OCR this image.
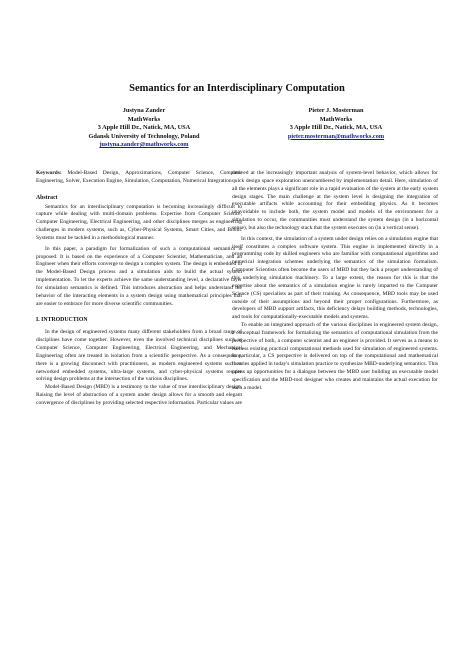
Semantics for an Interdisciplinary Computation
Justyna Zander
MathWorks
3 Apple Hill Dr., Natick, MA, USA
Gdansk University of Technology, Poland
justyna.zander@mathworks.com
Pieter J. Mosterman
MathWorks
3 Apple Hill Dr., Natick, MA, USA
pieter.mosterman@mathworks.com

Keywords: Model-Based Design, Approximations, Computer Science, Computer Engineering, Solver, Execution Engine, Simulation, Computation, Numerical Integration

Abstract

Semantics for an interdisciplinary computation is becoming increasingly difficult to capture while dealing with multi-domain problems. Expertise from Computer Science, Computer Engineering, Electrical Engineering, and other disciplines merges as engineering challenges in modern systems, such as, Cyber-Physical Systems, Smart Cities, and Bionic Systems must be tackled in a methodological manner.

In this paper, a paradigm for formalization of such a computational semantics is proposed. It is based on the experience of a Computer Scientist, Mathematician, and an Engineer when their efforts converge to design a complex system. The design is embedded in the Model-Based Design process and a simulation aids to build the actual system implementation. To let the experts achieve the same understanding level, a declarative layer for simulation semantics is defined. This introduces abstraction and helps understand the behavior of the interacting elements in a system design using mathematical principles that are easier to embrace for more diverse scientific communities.

I. INTRODUCTION

In the design of engineered systems many different stakeholders from a broad range of disciplines have come together. However, even the involved technical disciplines such as Computer Science, Computer Engineering, Electrical Engineering, and Mechanical Engineering often are treated in isolation from a scientific perspective. As a consequence, there is a growing disconnect with practitioners, as modern engineered systems such as networked embedded systems, ultra-large systems, and cyber-physical systems require solving design problems at the intersection of the various disciplines.

Model-Based Design (MBD) is a testimony to the value of true interdisciplinary design. Raising the level of abstraction of a system under design allows for a smooth and elegant convergence of disciplines by providing selected respective information. Particular values are

derived at the increasingly important analysis of system-level behavior, which allows for quick design space exploration unencumbered by implementation detail. Here, simulation of all the elements plays a significant role in a rapid evaluation of the system at the early system design stages. The main challenge at the system level is designing the integration of executable artifacts while accounting for their embedding physics. As it becomes unavoidable to include both, the system model and models of the environment for a simulation to occur, the communities must understand the system design (in a horizontal sense), but also the technology stack that the system executes on (in a vertical sense).

In this context, the simulation of a system under design relies on a simulation engine that itself constitutes a complex software system. This engine is implemented directly in a programming code by skilled engineers who are familiar with computational algorithms and numerical integration schemes underlying the semantics of the simulation formalism. Computer Scientists often become the users of MBD but they lack a proper understanding of this underlying simulation machinery. To a large extent, the reason for this is that the expertise about the semantics of a simulation engine is rarely imparted to the Computer Science (CS) specialists as part of their training. As consequence, MBD tools may be used outside of their assumptions and beyond their proper configurations. Furthermore, as developers of MBD support artifacts, this deficiency delays building methods, technologies, and tools for computationally-executable models and systems.

To enable an integrated approach of the various disciplines in engineered system design, a conceptual framework for formalizing the semantics of computational simulation from the perspective of both, a computer scientist and an engineer is provided. It serves as a means to harness existing practical computational methods used for simulation of engineered systems. In particular, a CS perspective is delivered on top of the computational and mathematical theories applied in today's simulation practice to synthesize MBD-underlying semantics. This opens up opportunities for a dialogue between the MBD user building an executable model specification and the MBD-tool designer who creates and maintains the actual execution for such a model.
